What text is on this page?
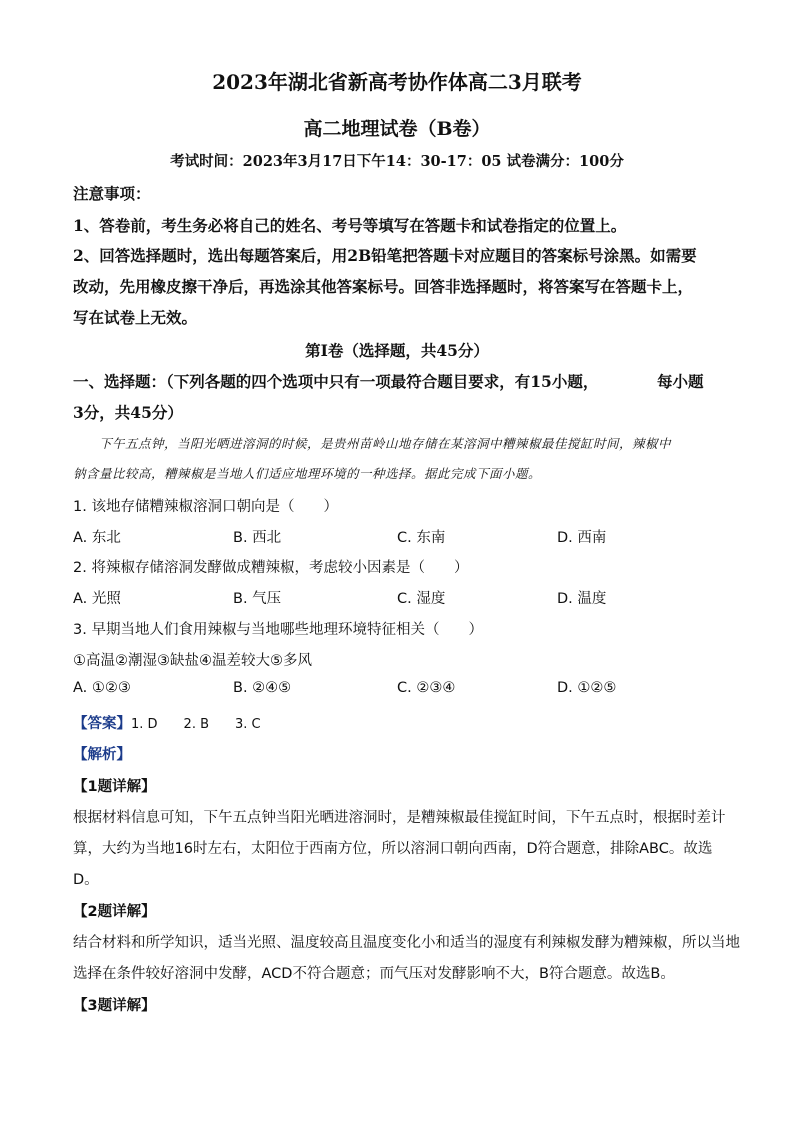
2023年湖北省新高考协作体高二3月联考
高二地理试卷（B卷）
考试时间：2023年3月17日下午14：30-17：05 试卷满分：100分
注意事项：
1、答卷前，考生务必将自己的姓名、考号等填写在答题卡和试卷指定的位置上。
2、回答选择题时，选出每题答案后，用2B铅笔把答题卡对应题目的答案标号涂黑。如需要
改动，先用橡皮擦干净后，再选涂其他答案标号。回答非选择题时，将答案写在答题卡上，
写在试卷上无效。
第Ⅰ卷（选择题，共45分）
一、选择题：（下列各题的四个选项中只有一项最符合题目要求，有15小题，	每小题
3分，共45分）
下午五点钟，当阳光晒进溶洞的时候，是贵州苗岭山地存储在某溶洞中糟辣椒最佳搅缸时间，辣椒中
钠含量比较高，糟辣椒是当地人们适应地理环境的一种选择。据此完成下面小题。
1. 该地存储糟辣椒溶洞口朝向是（　　）
A. 东北	B. 西北	C. 东南	D. 西南
2. 将辣椒存储溶洞发酵做成糟辣椒，考虑较小因素是（　　）
A. 光照	B. 气压	C. 湿度	D. 温度
3. 早期当地人们食用辣椒与当地哪些地理环境特征相关（　　）
①高温②潮湿③缺盐④温差较大⑤多风
A. ①②③	B. ②④⑤	C. ②③④	D. ①②⑤
【答案】1. D　　2. B　　3. C
【解析】
【1题详解】
根据材料信息可知，下午五点钟当阳光晒进溶洞时，是糟辣椒最佳搅缸时间，下午五点时，根据时差计
算，大约为当地16时左右，太阳位于西南方位，所以溶洞口朝向西南，D符合题意，排除ABC。故选
D。
【2题详解】
结合材料和所学知识，适当光照、温度较高且温度变化小和适当的湿度有利辣椒发酵为糟辣椒，所以当地
选择在条件较好溶洞中发酵，ACD不符合题意；而气压对发酵影响不大，B符合题意。故选B。
【3题详解】
